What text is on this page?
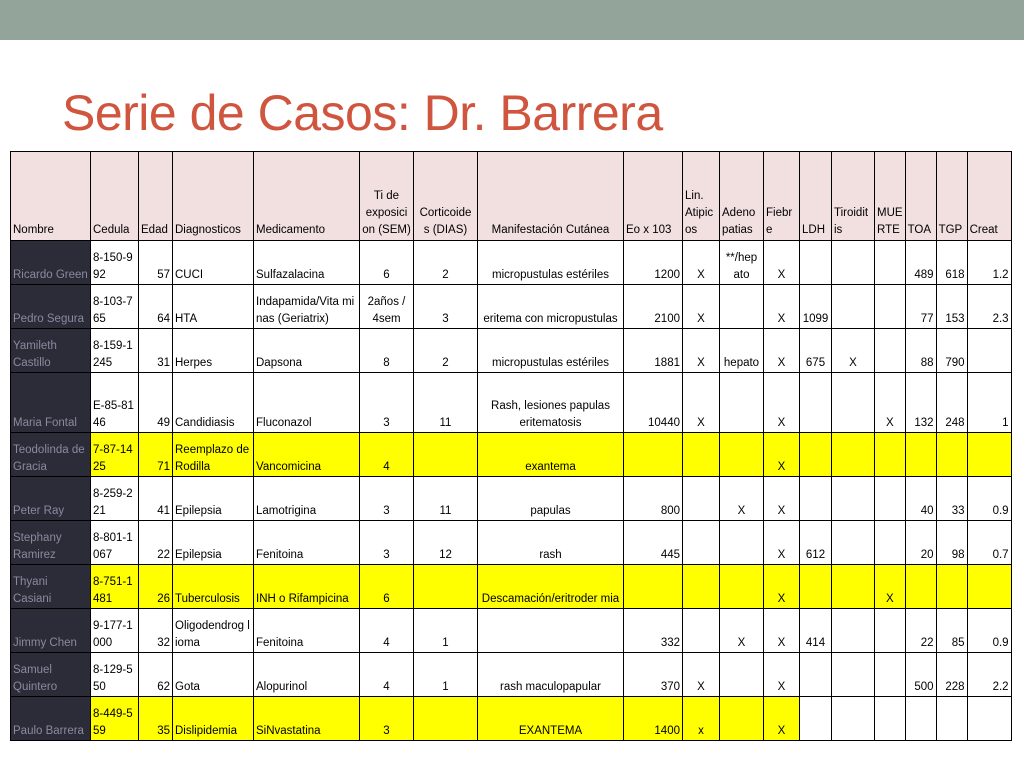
Serie de Casos: Dr. Barrera
Nombre	Cedula	Edad	Diagnosticos	Medicamento	Ti de exposici on (SEM)	Corticoide s (DIAS)	Manifestación Cutánea	Eo x 103	Lin. Atipic os	Adeno patias	Fiebr e	LDH	Tiroidit is	MUE RTE	TOA	TGP	Creat
Ricardo Green	8-150-992	57	CUCI	Sulfazalacina	6	2	micropustulas estériles	1200	X	**/hep ato	X				489	618	1.2
Pedro Segura	8-103-765	64	HTA	Indapamida/Vita minas (Geriatrix)	2años / 4sem	3	eritema con micropustulas	2100	X		X	1099			77	153	2.3
Yamileth Castillo	8-159-1245	31	Herpes	Dapsona	8	2	micropustulas estériles	1881	X	hepato	X	675	X		88	790	
Maria Fontal	E-85-8146	49	Candidiasis	Fluconazol	3	11	Rash, lesiones papulas eritematosis	10440	X		X			X	132	248	1
Teodolinda de Gracia	7-87-1425	71	Reemplazo de Rodilla	Vancomicina	4		exantema				X						
Peter Ray	8-259-221	41	Epilepsia	Lamotrigina	3	11	papulas	800		X	X				40	33	0.9
Stephany Ramirez	8-801-1067	22	Epilepsia	Fenitoina	3	12	rash	445			X	612			20	98	0.7
Thyani Casiani	8-751-1481	26	Tuberculosis	INH o Rifampicina	6		Descamación/eritroder mia				X			X			
Jimmy Chen	9-177-1000	32	Oligodendrog lioma	Fenitoina	4	1		332		X	X	414			22	85	0.9
Samuel Quintero	8-129-550	62	Gota	Alopurinol	4	1	rash maculopapular	370	X		X				500	228	2.2
Paulo Barrera	8-449-559	35	Dislipidemia	SiNvastatina	3		EXANTEMA	1400	x		X						
